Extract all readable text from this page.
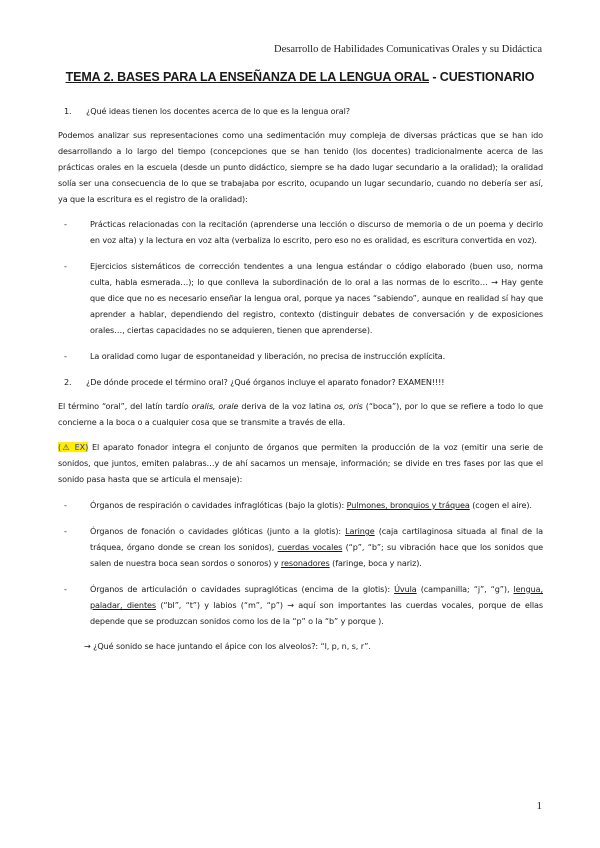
Desarrollo de Habilidades Comunicativas Orales y su Didáctica
TEMA 2. BASES PARA LA ENSEÑANZA DE LA LENGUA ORAL - CUESTIONARIO
1.	¿Qué ideas tienen los docentes acerca de lo que es la lengua oral?
Podemos analizar sus representaciones como una sedimentación muy compleja de diversas prácticas que se han ido desarrollando a lo largo del tiempo (concepciones que se han tenido (los docentes) tradicionalmente acerca de las prácticas orales en la escuela (desde un punto didáctico, siempre se ha dado lugar secundario a la oralidad); la oralidad solía ser una consecuencia de lo que se trabajaba por escrito, ocupando un lugar secundario, cuando no debería ser así, ya que la escritura es el registro de la oralidad):
-	Prácticas relacionadas con la recitación (aprenderse una lección o discurso de memoria o de un poema y decirlo en voz alta) y la lectura en voz alta (verbaliza lo escrito, pero eso no es oralidad, es escritura convertida en voz).
-	Ejercicios sistemáticos de corrección tendentes a una lengua estándar o código elaborado (buen uso, norma culta, habla esmerada…); lo que conlleva la subordinación de lo oral a las normas de lo escrito… → Hay gente que dice que no es necesario enseñar la lengua oral, porque ya naces “sabiendo”, aunque en realidad sí hay que aprender a hablar, dependiendo del registro, contexto (distinguir debates de conversación y de exposiciones orales…, ciertas capacidades no se adquieren, tienen que aprenderse).
-	La oralidad como lugar de espontaneidad y liberación, no precisa de instrucción explícita.
2.	¿De dónde procede el término oral? ¿Qué órganos incluye el aparato fonador? EXAMEN!!!!
El término “oral”, del latín tardío oralis, orale deriva de la voz latina os, oris (“boca”), por lo que se refiere a todo lo que concierne a la boca o a cualquier cosa que se transmite a través de ella.
(⚠ EX) El aparato fonador integra el conjunto de órganos que permiten la producción de la voz (emitir una serie de sonidos, que juntos, emiten palabras…y de ahí sacamos un mensaje, información; se divide en tres fases por las que el sonido pasa hasta que se articula el mensaje):
-	Órganos de respiración o cavidades infraglóticas (bajo la glotis): Pulmones, bronquios y tráquea (cogen el aire).
-	Órganos de fonación o cavidades glóticas (junto a la glotis): Laringe (caja cartilaginosa situada al final de la tráquea, órgano donde se crean los sonidos), cuerdas vocales (“p”, “b”; su vibración hace que los sonidos que salen de nuestra boca sean sordos o sonoros) y resonadores (faringe, boca y nariz).
-	Órganos de articulación o cavidades supraglóticas (encima de la glotis): Úvula (campanilla; “j”, “g”), lengua, paladar, dientes (“bl”, “t”) y labios (“m”, “p”) → aquí son importantes las cuerdas vocales, porque de ellas depende que se produzcan sonidos como los de la “p” o la “b” y porque ).
→ ¿Qué sonido se hace juntando el ápice con los alveolos?: “l, p, n, s, r”.
1
